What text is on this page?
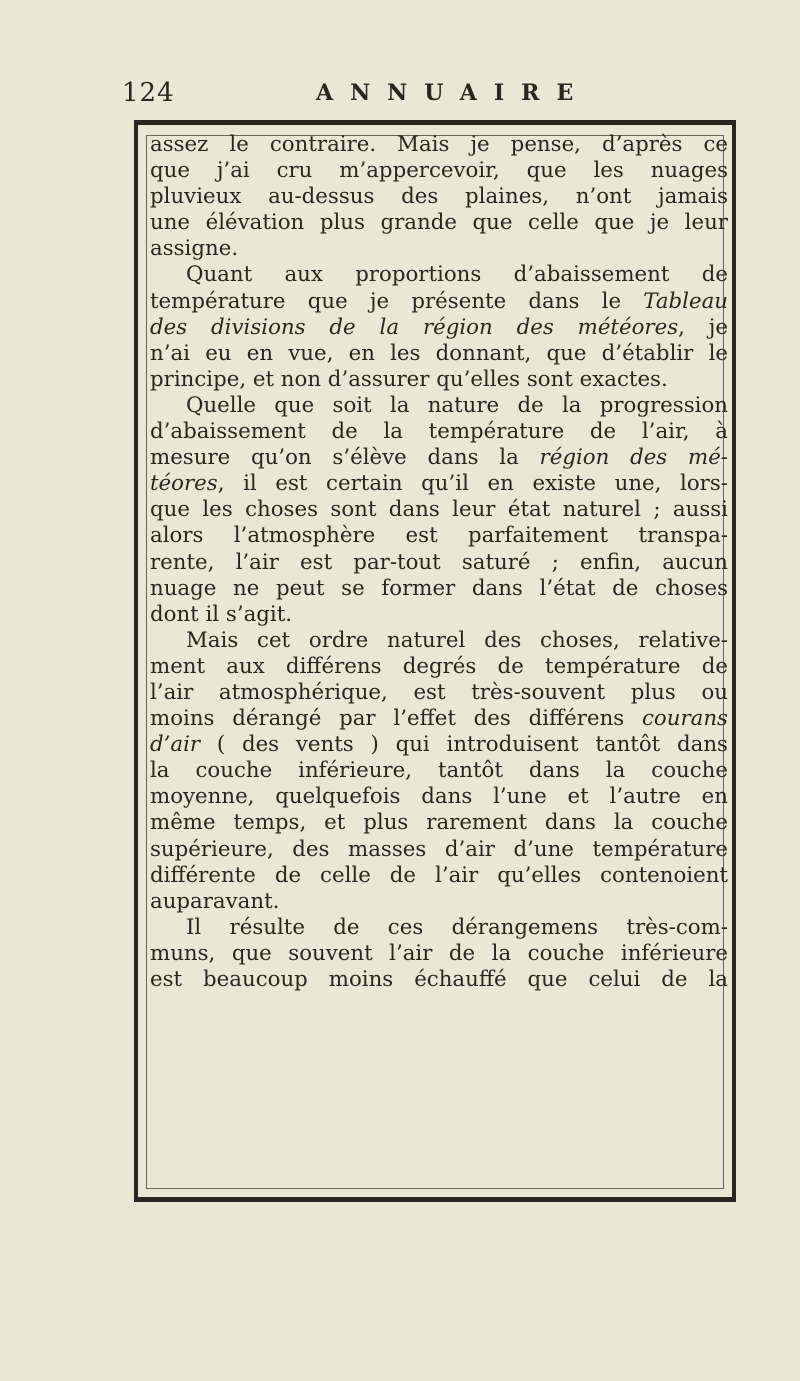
124	ANNUAIRE
assez le contraire. Mais je pense, d’après ce
que j’ai cru m’appercevoir, que les nuages
pluvieux au-dessus des plaines, n’ont jamais
une élévation plus grande que celle que je leur
assigne.
Quant aux proportions d’abaissement de
température que je présente dans le Tableau
des divisions de la région des météores, je
n’ai eu en vue, en les donnant, que d’établir le
principe, et non d’assurer qu’elles sont exactes.
Quelle que soit la nature de la progression
d’abaissement de la température de l’air, à
mesure qu’on s’élève dans la région des mé-
téores, il est certain qu’il en existe une, lors-
que les choses sont dans leur état naturel ; aussi
alors l’atmosphère est parfaitement transpa-
rente, l’air est par-tout saturé ; enfin, aucun
nuage ne peut se former dans l’état de choses
dont il s’agit.
Mais cet ordre naturel des choses, relative-
ment aux différens degrés de température de
l’air atmosphérique, est très-souvent plus ou
moins dérangé par l’effet des différens courans
d’air ( des vents ) qui introduisent tantôt dans
la couche inférieure, tantôt dans la couche
moyenne, quelquefois dans l’une et l’autre en
même temps, et plus rarement dans la couche
supérieure, des masses d’air d’une température
différente de celle de l’air qu’elles contenoient
auparavant.
Il résulte de ces dérangemens très-com-
muns, que souvent l’air de la couche inférieure
est beaucoup moins échauffé que celui de la
